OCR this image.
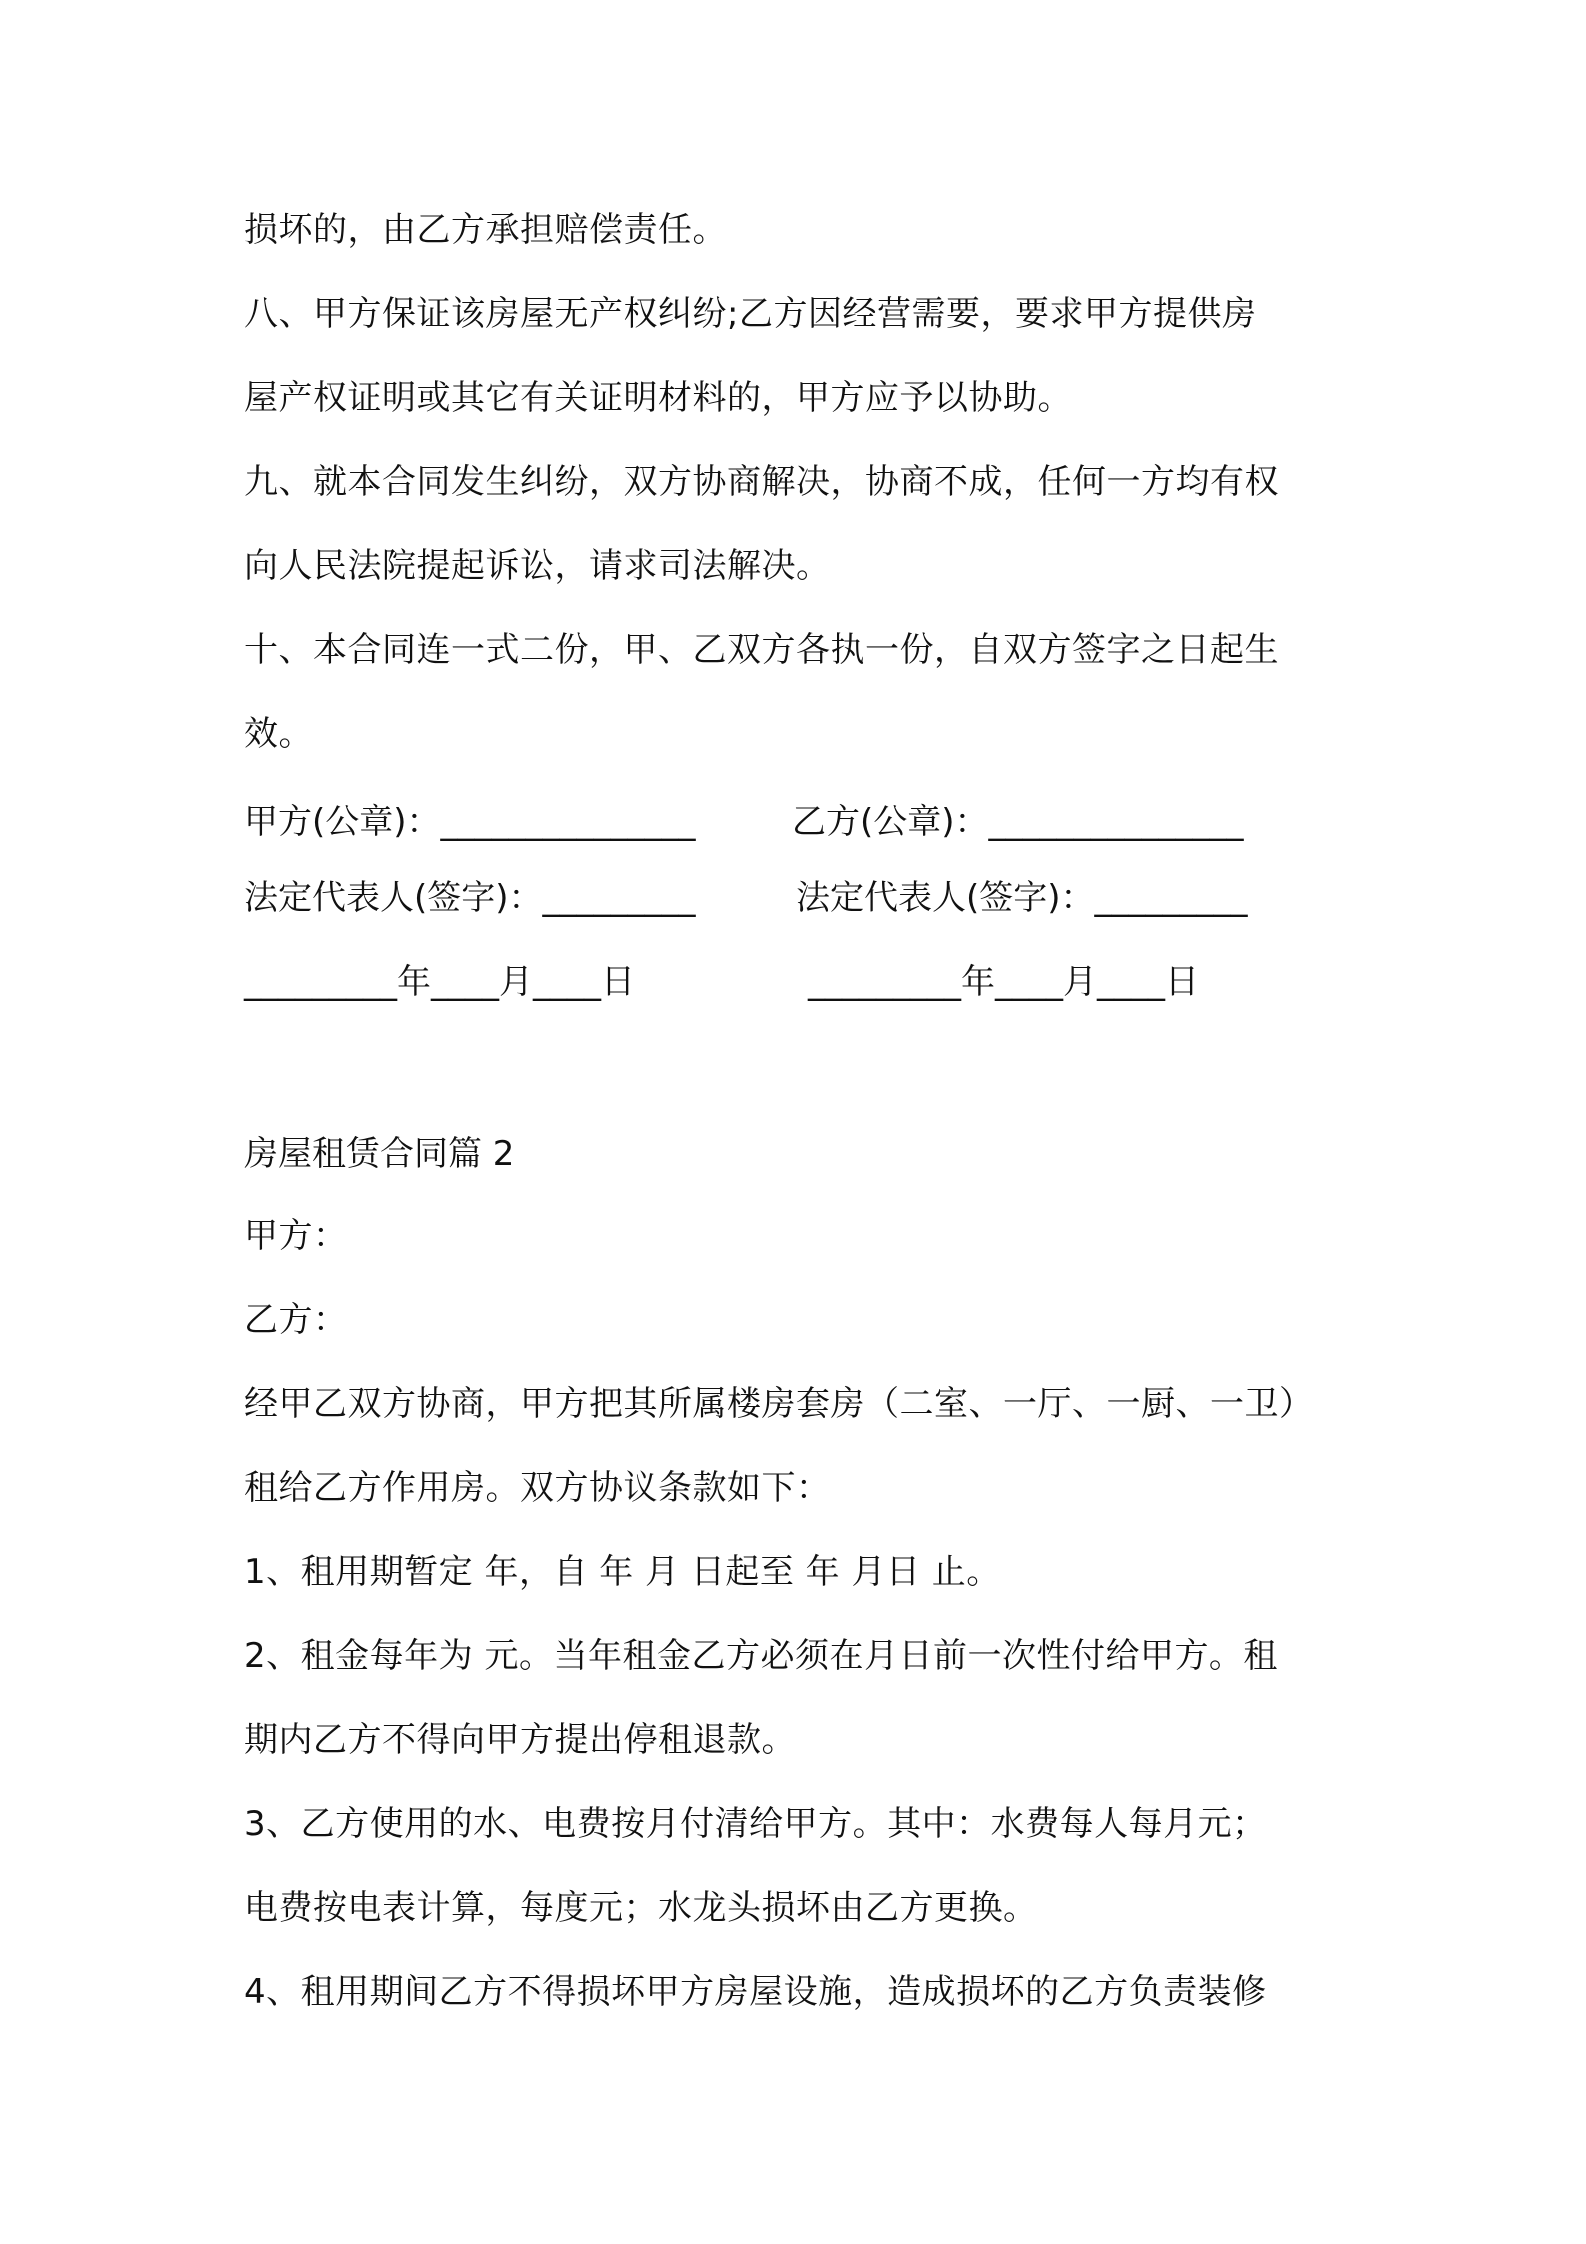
损坏的，由乙方承担赔偿责任。
八、甲方保证该房屋无产权纠纷;乙方因经营需要，要求甲方提供房
屋产权证明或其它有关证明材料的，甲方应予以协助。
九、就本合同发生纠纷，双方协商解决，协商不成，任何一方均有权
向人民法院提起诉讼，请求司法解决。
十、本合同连一式二份，甲、乙双方各执一份，自双方签字之日起生
效。
甲方(公章)：_______________	乙方(公章)：_______________
法定代表人(签字)：_________	法定代表人(签字)：_________
_________年____月____日	_________年____月____日
房屋租赁合同篇 2
甲方：
乙方：
经甲乙双方协商，甲方把其所属楼房套房（二室、一厅、一厨、一卫）
租给乙方作用房。双方协议条款如下：
1、租用期暂定 年，自 年 月 日起至 年 月日 止。
2、租金每年为 元。当年租金乙方必须在月日前一次性付给甲方。租
期内乙方不得向甲方提出停租退款。
3、乙方使用的水、电费按月付清给甲方。其中：水费每人每月元；
电费按电表计算，每度元；水龙头损坏由乙方更换。
4、租用期间乙方不得损坏甲方房屋设施，造成损坏的乙方负责装修
